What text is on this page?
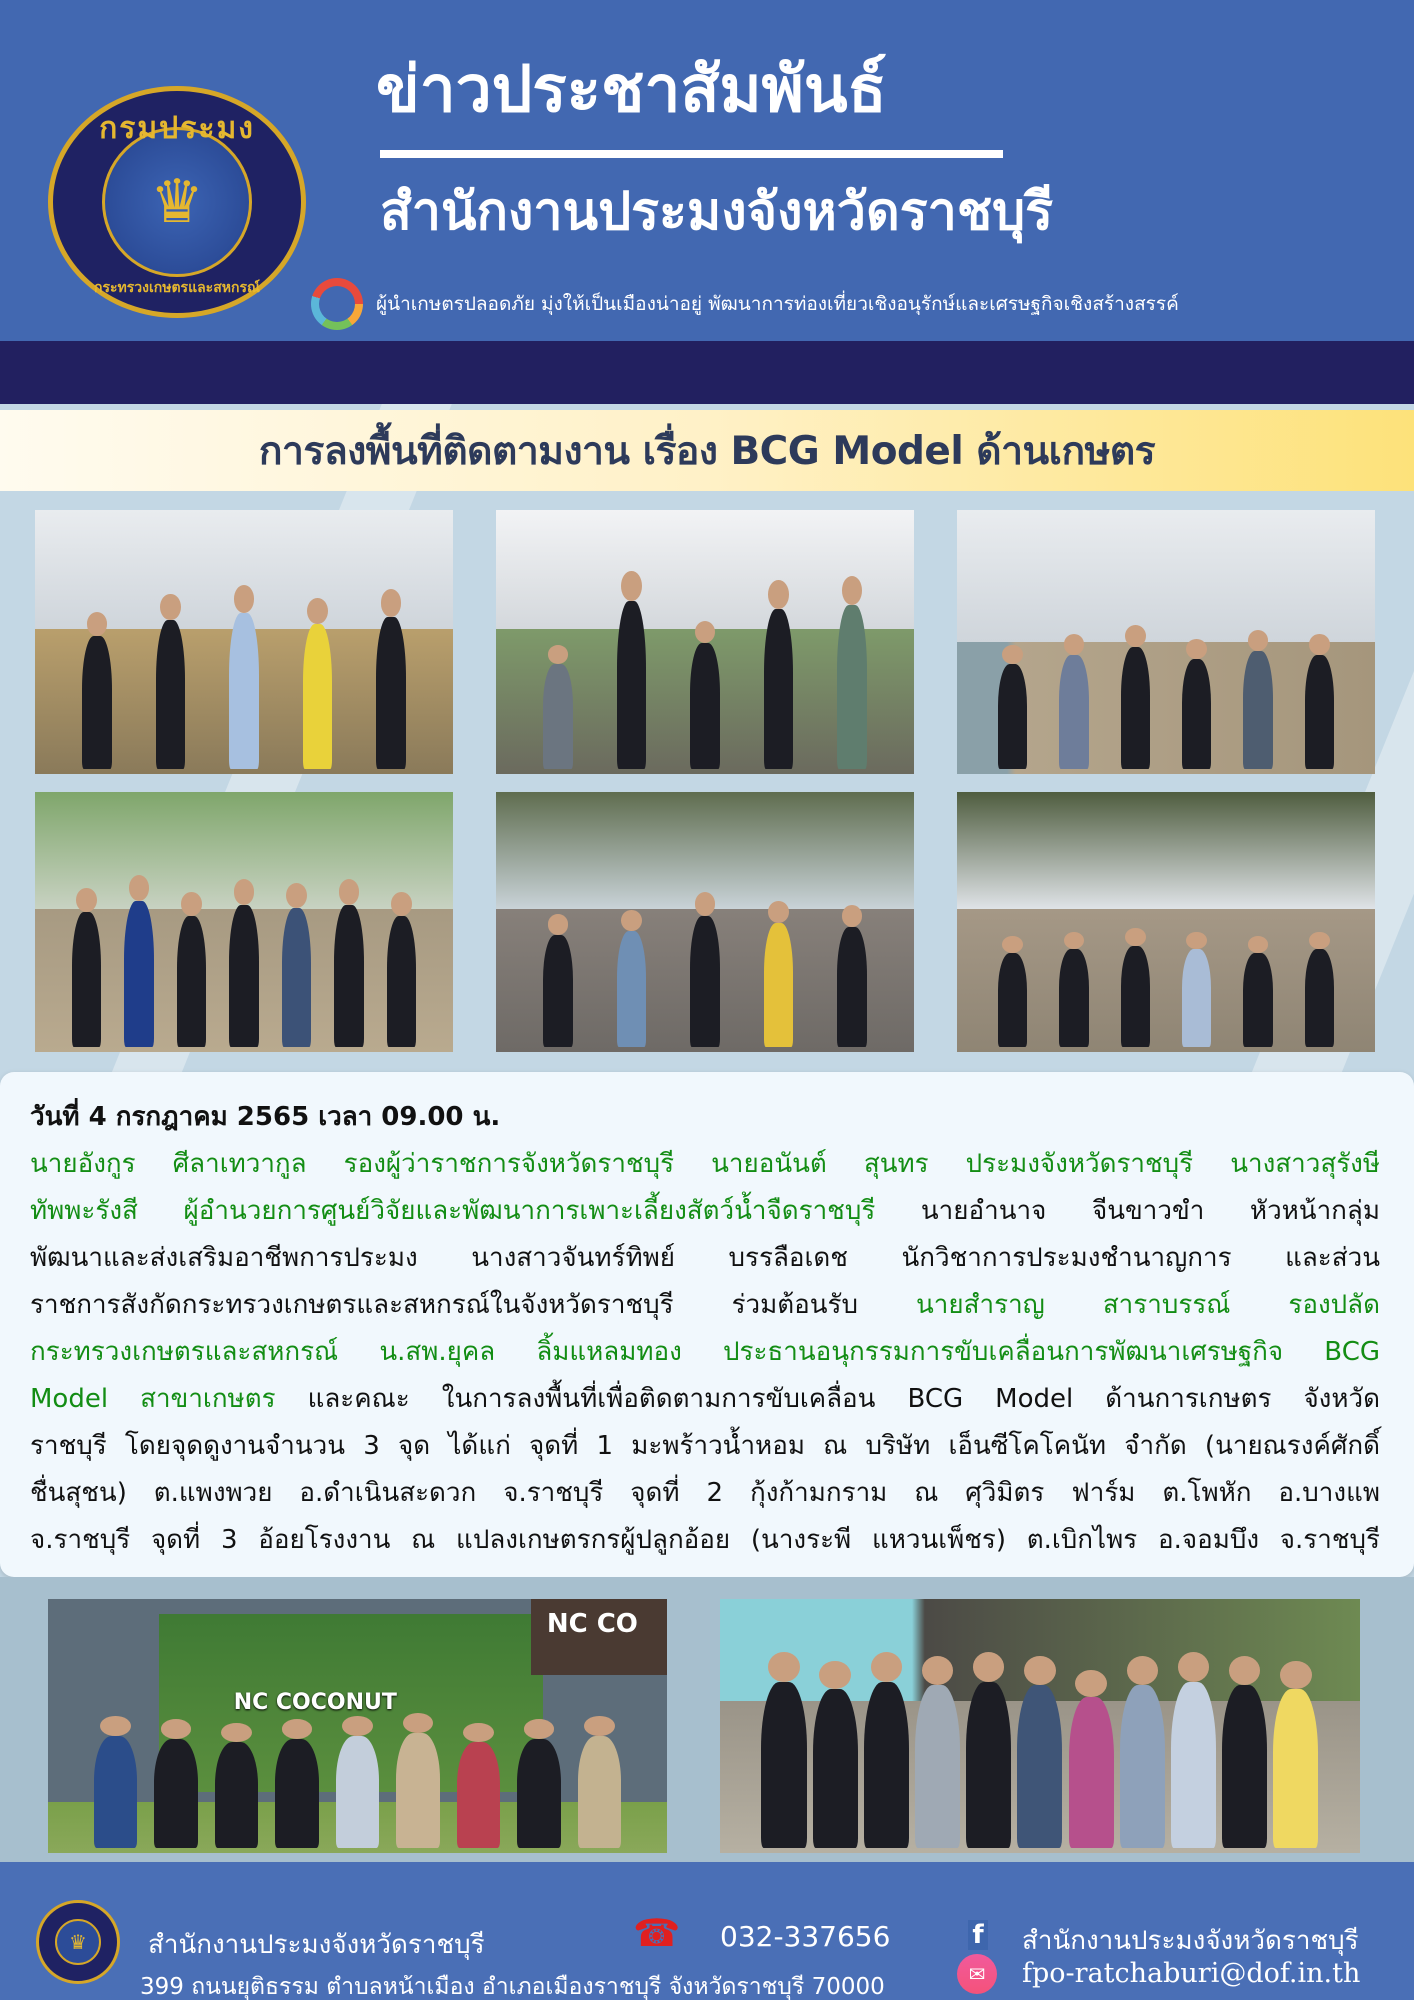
กรมประมง
♛
กระทรวงเกษตรและสหกรณ์
ข่าวประชาสัมพันธ์
สำนักงานประมงจังหวัดราชบุรี
ผู้นำเกษตรปลอดภัย มุ่งให้เป็นเมืองน่าอยู่ พัฒนาการท่องเที่ยวเชิงอนุรักษ์และเศรษฐกิจเชิงสร้างสรรค์
การลงพื้นที่ติดตามงาน เรื่อง BCG Model ด้านเกษตร
วันที่ 4 กรกฎาคม 2565 เวลา 09.00 น.
นายอังกูร ศีลาเทวากูล รองผู้ว่าราชการจังหวัดราชบุรี นายอนันต์ สุนทร ประมงจังหวัดราชบุรี นางสาวสุรังษี
ทัพพะรังสี ผู้อำนวยการศูนย์วิจัยและพัฒนาการเพาะเลี้ยงสัตว์น้ำจืดราชบุรี นายอำนาจ จีนขาวขำ หัวหน้ากลุ่ม
พัฒนาและส่งเสริมอาชีพการประมง นางสาวจันทร์ทิพย์ บรรลือเดช นักวิชาการประมงชำนาญการ และส่วน
ราชการสังกัดกระทรวงเกษตรและสหกรณ์ในจังหวัดราชบุรี ร่วมต้อนรับ นายสำราญ สาราบรรณ์ รองปลัด
กระทรวงเกษตรและสหกรณ์ น.สพ.ยุคล ลิ้มแหลมทอง ประธานอนุกรรมการขับเคลื่อนการพัฒนาเศรษฐกิจ BCG
Model สาขาเกษตร และคณะ ในการลงพื้นที่เพื่อติดตามการขับเคลื่อน BCG Model ด้านการเกษตร จังหวัด
ราชบุรี โดยจุดดูงานจำนวน 3 จุด ได้แก่ จุดที่ 1 มะพร้าวน้ำหอม ณ บริษัท เอ็นซีโคโคนัท จำกัด (นายณรงค์ศักดิ์
ชื่นสุชน) ต.แพงพวย อ.ดำเนินสะดวก จ.ราชบุรี จุดที่ 2 กุ้งก้ามกราม ณ ศุวิมิตร ฟาร์ม ต.โพหัก อ.บางแพ
จ.ราชบุรี จุดที่ 3 อ้อยโรงงาน ณ แปลงเกษตรกรผู้ปลูกอ้อย (นางระพี แหวนเพ็ชร) ต.เบิกไพร อ.จอมบึง จ.ราชบุรี
NC CO
NC COCONUT
♛	สำนักงานประมงจังหวัดราชบุรี
399 ถนนยุติธรรม ตำบลหน้าเมือง อำเภอเมืองราชบุรี จังหวัดราชบุรี 70000
☎ 032-337656	f สำนักงานประมงจังหวัดราชบุรี
✉	fpo-ratchaburi@dof.in.th
